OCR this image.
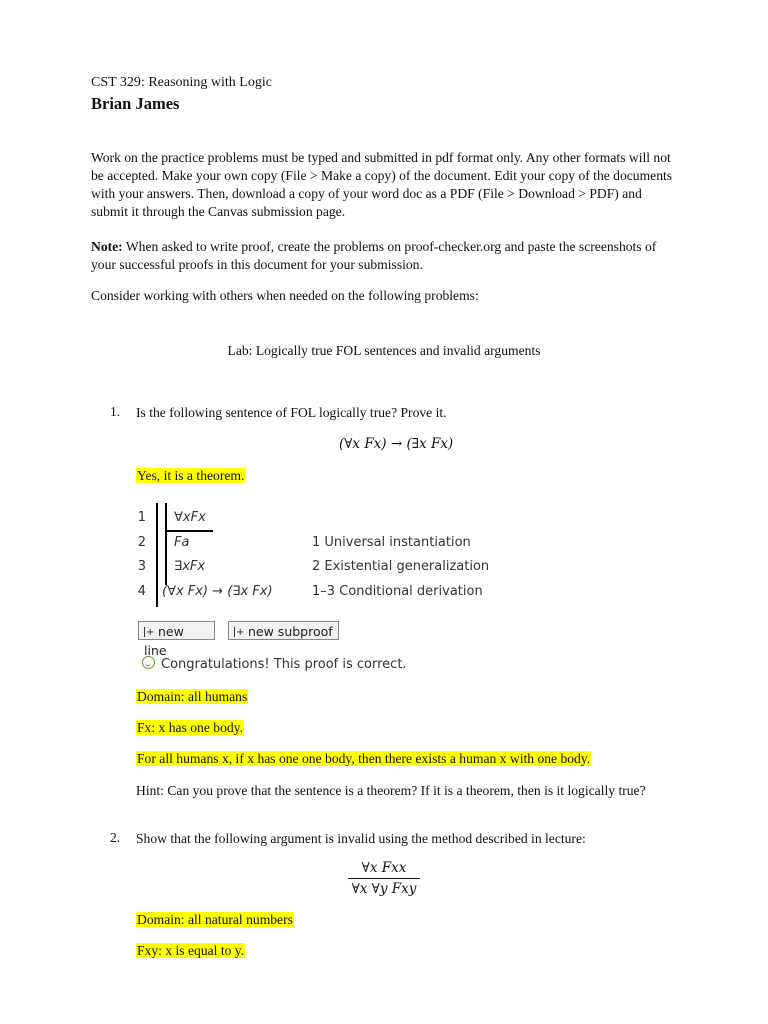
CST 329: Reasoning with Logic
Brian James
Work on the practice problems must be typed and submitted in pdf format only. Any other formats will not be accepted. Make your own copy (File > Make a copy) of the document. Edit your copy of the documents with your answers. Then, download a copy of your word doc as a PDF (File > Download > PDF) and submit it through the Canvas submission page.
Note: When asked to write proof, create the problems on proof-checker.org and paste the screenshots of your successful proofs in this document for your submission.
Consider working with others when needed on the following problems:
Lab: Logically true FOL sentences and invalid arguments
1. Is the following sentence of FOL logically true? Prove it.
(∀x Fx) → (∃x Fx)
Yes, it is a theorem.
1 ∀xFx
2 Fa	1 Universal instantiation
3 ∃xFx	2 Existential generalization
4 (∀x Fx) → (∃x Fx)	1–3 Conditional derivation
+new line
+new subproof
Congratulations! This proof is correct.
Domain: all humans
Fx: x has one body.
For all humans x, if x has one one body, then there exists a human x with one body.
Hint: Can you prove that the sentence is a theorem? If it is a theorem, then is it logically true?
2. Show that the following argument is invalid using the method described in lecture:
∀x Fxx
∀x ∀y Fxy
Domain: all natural numbers
Fxy: x is equal to y.
